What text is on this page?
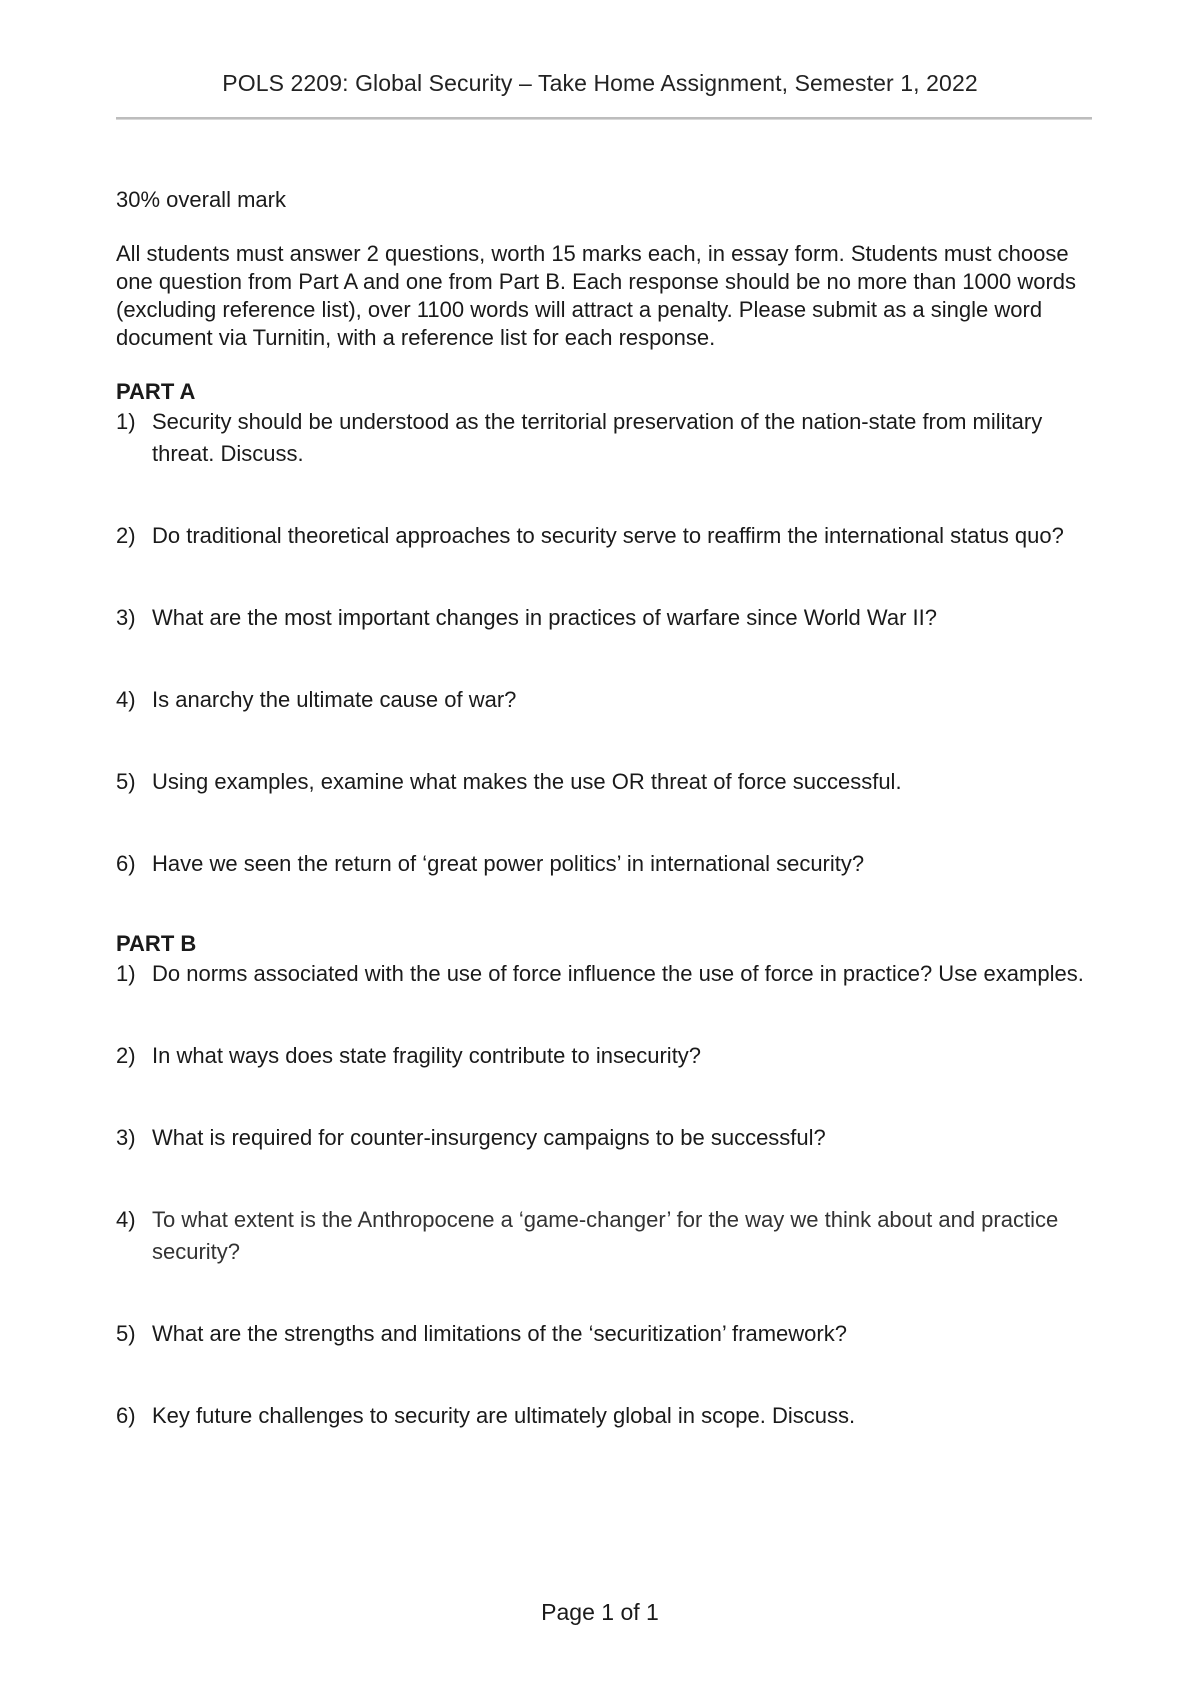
POLS 2209: Global Security – Take Home Assignment, Semester 1, 2022

30% overall mark

All students must answer 2 questions, worth 15 marks each, in essay form. Students must choose one question from Part A and one from Part B. Each response should be no more than 1000 words (excluding reference list), over 1100 words will attract a penalty. Please submit as a single word document via Turnitin, with a reference list for each response.

PART A

1) Security should be understood as the territorial preservation of the nation-state from military threat. Discuss.
2) Do traditional theoretical approaches to security serve to reaffirm the international status quo?
3) What are the most important changes in practices of warfare since World War II?
4) Is anarchy the ultimate cause of war?
5) Using examples, examine what makes the use OR threat of force successful.
6) Have we seen the return of ‘great power politics’ in international security?

PART B

1) Do norms associated with the use of force influence the use of force in practice? Use examples.
2) In what ways does state fragility contribute to insecurity?
3) What is required for counter-insurgency campaigns to be successful?
4) To what extent is the Anthropocene a ‘game-changer’ for the way we think about and practice security?
5) What are the strengths and limitations of the ‘securitization’ framework?
6) Key future challenges to security are ultimately global in scope. Discuss.
Page 1 of 1
